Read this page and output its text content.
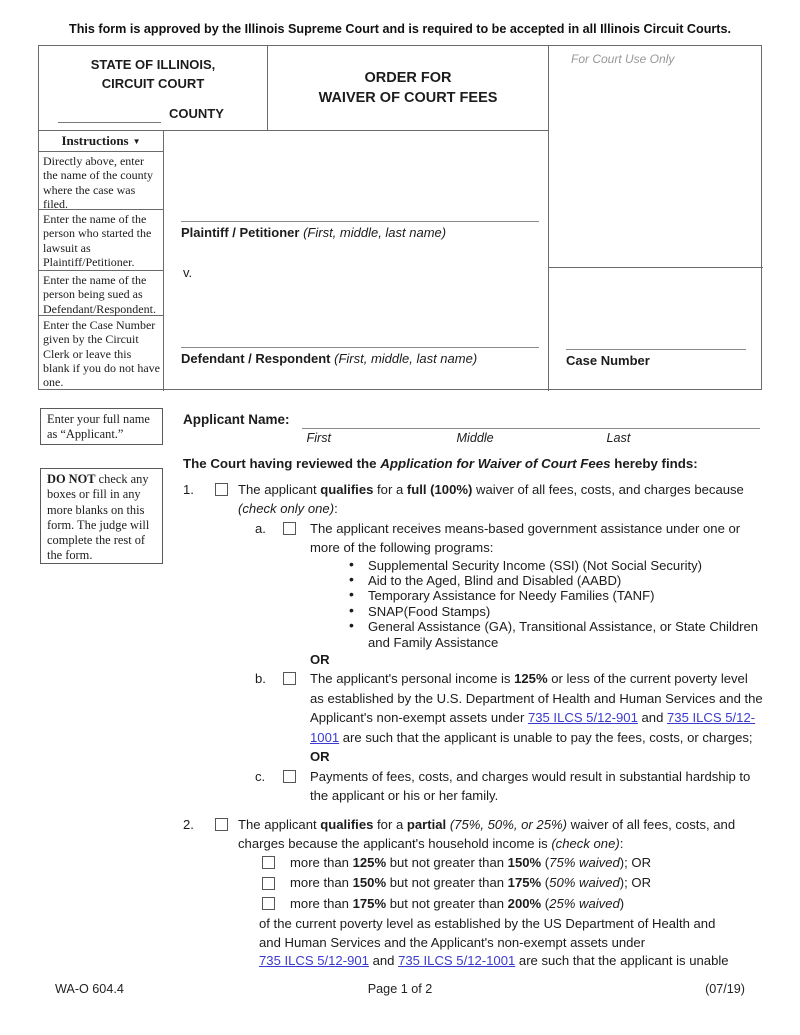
This form is approved by the Illinois Supreme Court and is required to be accepted in all Illinois Circuit Courts.
STATE OF ILLINOIS,
CIRCUIT COURT
COUNTY
ORDER FOR
WAIVER OF COURT FEES
For Court Use Only
Case Number
Plaintiff / Petitioner (First, middle, last name)
v.
Defendant / Respondent (First, middle, last name)
Instructions ▼
Directly above, enter the name of the county where the case was filed.
Enter the name of the person who started the lawsuit as Plaintiff/Petitioner.
Enter the name of the person being sued as Defendant/Respondent.
Enter the Case Number given by the Circuit Clerk or leave this blank if you do not have one.
Enter your full name as “Applicant.”
DO NOT check any boxes or fill in any more blanks on this form. The judge will complete the rest of the form.
Applicant Name:
First	Middle	Last
The Court having reviewed the Application for Waiver of Court Fees hereby finds:
1.	The applicant qualifies for a full (100%) waiver of all fees, costs, and charges because
(check only one):
a.	The applicant receives means-based government assistance under one or more of the following programs:
• Supplemental Security Income (SSI) (Not Social Security)
• Aid to the Aged, Blind and Disabled (AABD)
• Temporary Assistance for Needy Families (TANF)
• SNAP(Food Stamps)
• General Assistance (GA), Transitional Assistance, or State Children and Family Assistance
OR
b.	The applicant's personal income is 125% or less of the current poverty level as established by the U.S. Department of Health and Human Services and the Applicant's non-exempt assets under 735 ILCS 5/12-901 and 735 ILCS 5/12-1001 are such that the applicant is unable to pay the fees, costs, or charges;
OR
c.	Payments of fees, costs, and charges would result in substantial hardship to the applicant or his or her family.
2.	The applicant qualifies for a partial (75%, 50%, or 25%) waiver of all fees, costs, and charges because the applicant's household income is (check one):
more than 125% but not greater than 150% (75% waived); OR
more than 150% but not greater than 175% (50% waived); OR
more than 175% but not greater than 200% (25% waived)
of the current poverty level as established by the US Department of Health and
and Human Services and the Applicant's non-exempt assets under
735 ILCS 5/12-901 and 735 ILCS 5/12-1001 are such that the applicant is unable
WA-O 604.4	Page 1 of 2	(07/19)
